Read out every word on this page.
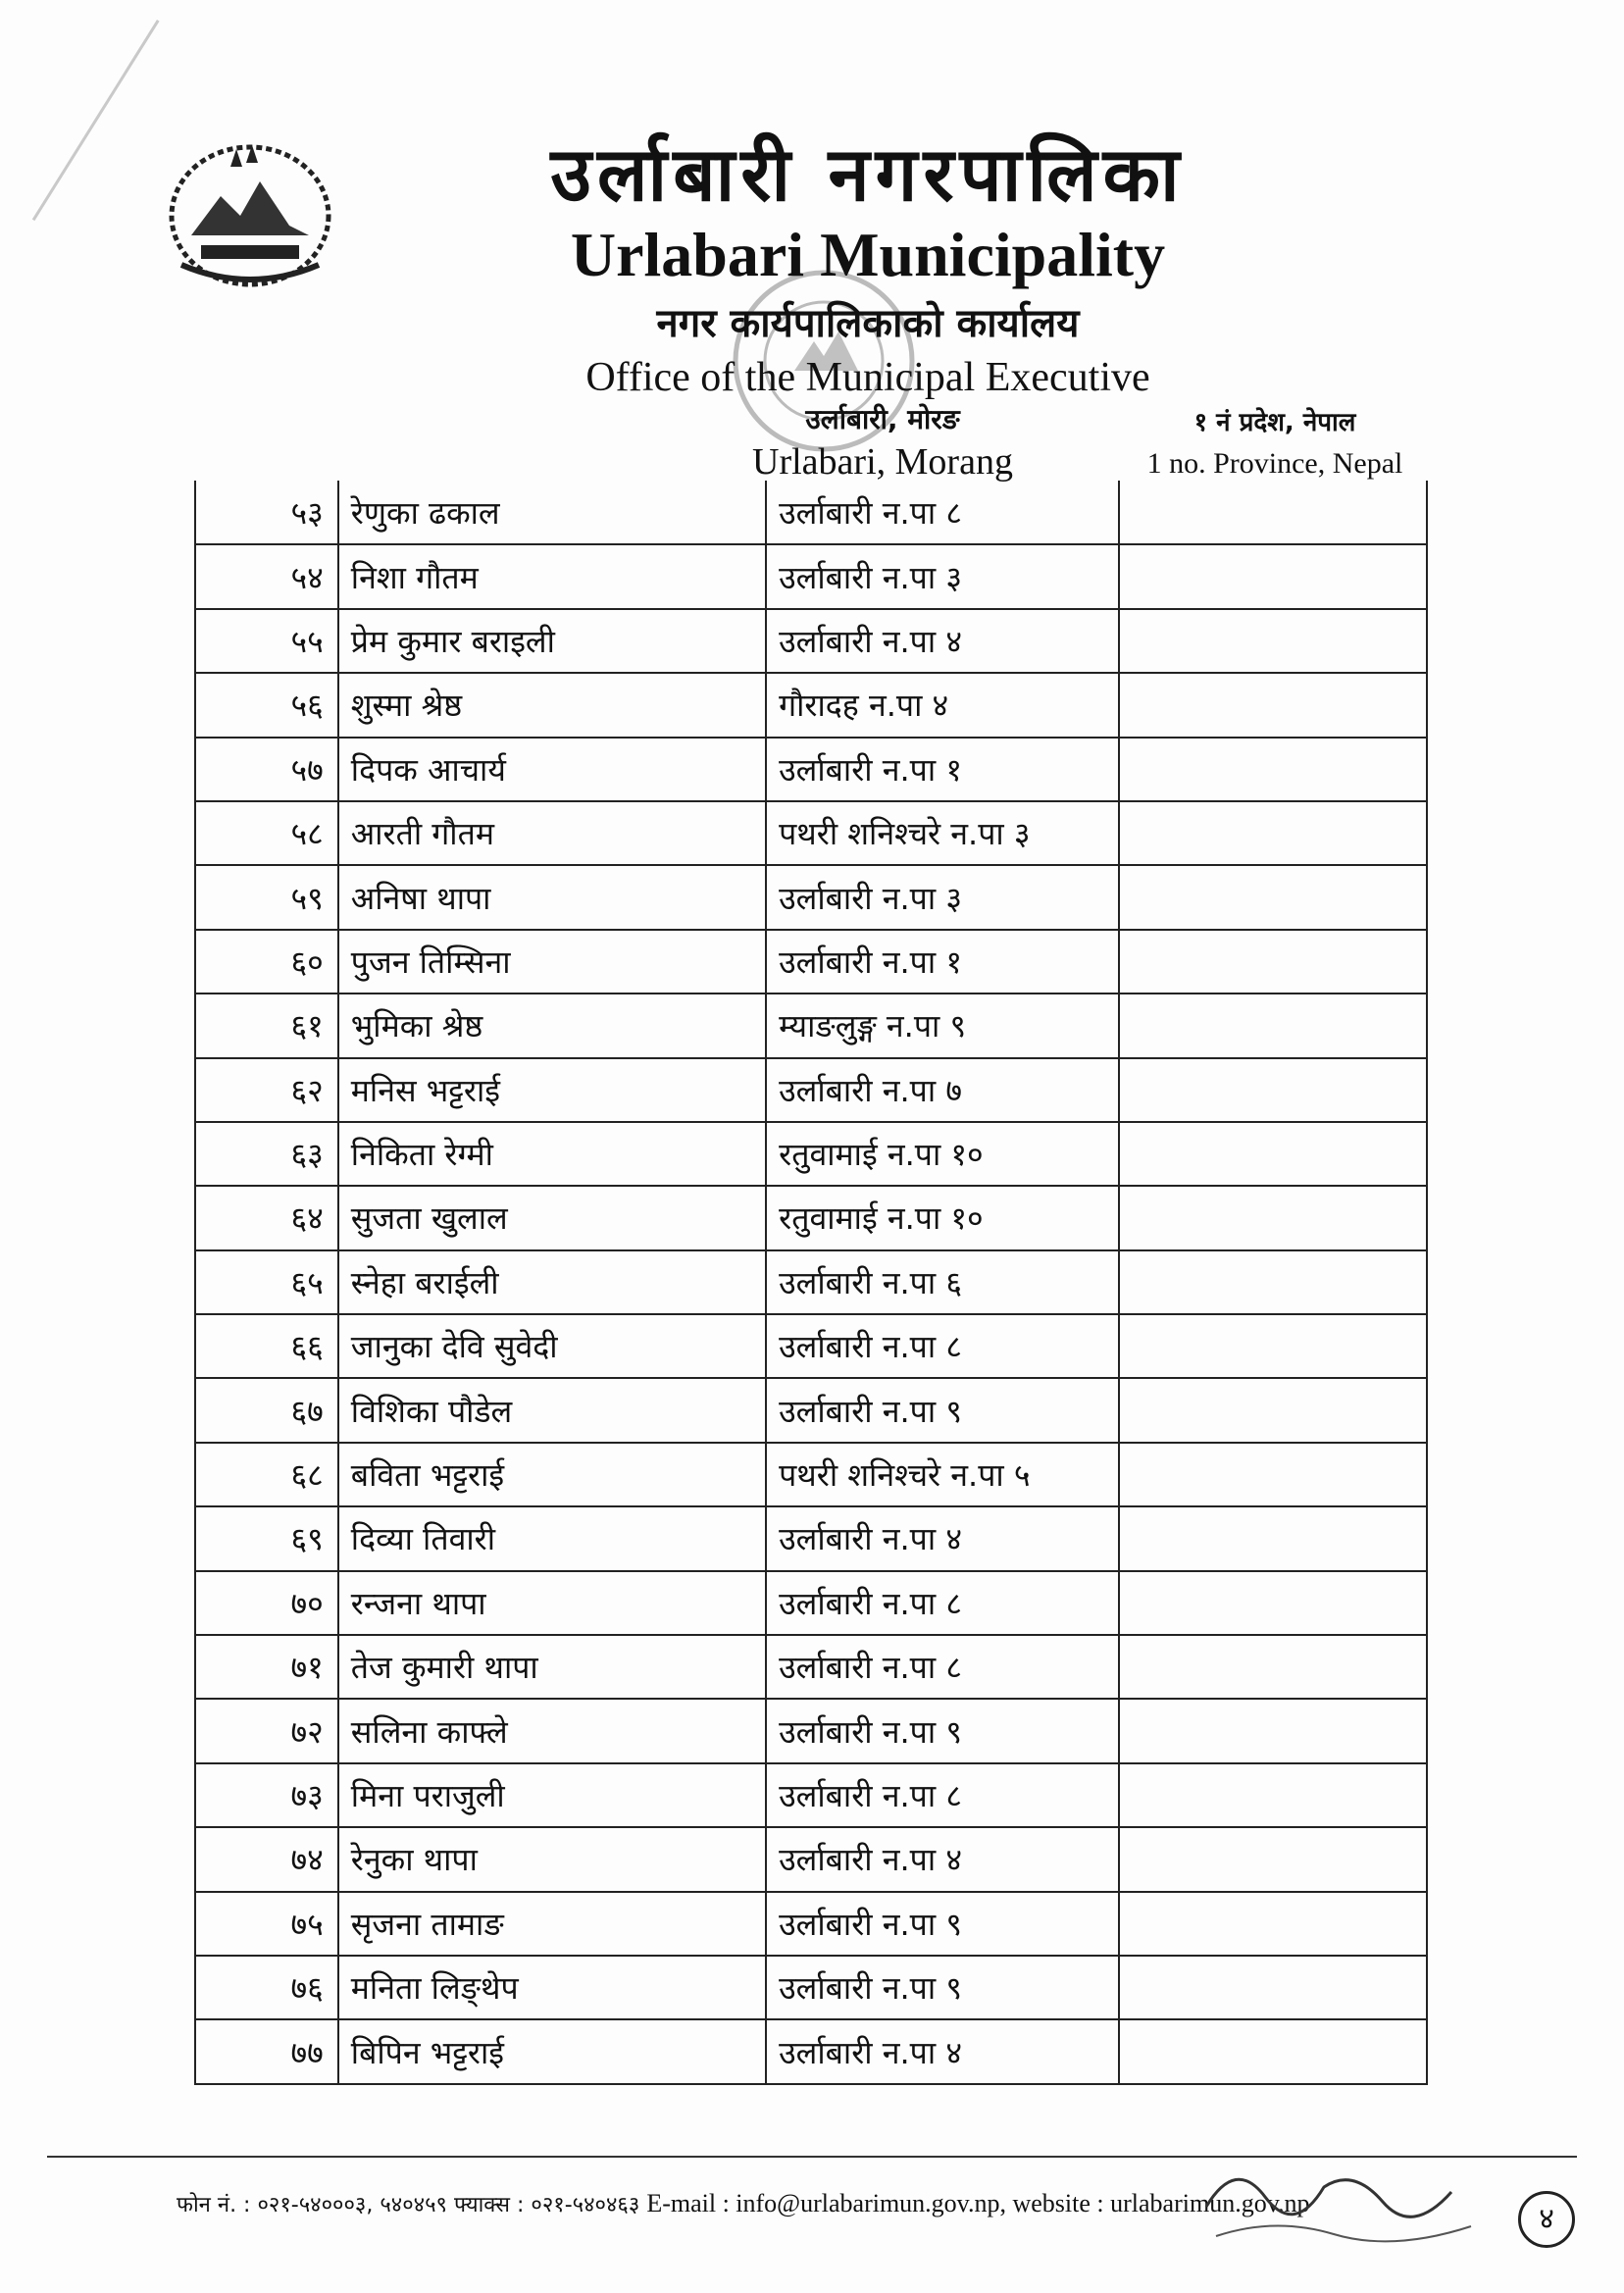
उर्लाबारी नगरपालिका
Urlabari Municipality
नगर कार्यपालिकाको कार्यालय
Office of the Municipal Executive
उर्लाबारी, मोरङ
Urlabari, Morang
१ नं प्रदेश, नेपाल
1 no. Province, Nepal
५३	रेणुका ढकाल	उर्लाबारी न.पा ८	
५४	निशा गौतम	उर्लाबारी न.पा ३	
५५	प्रेम कुमार बराइली	उर्लाबारी न.पा ४	
५६	शुस्मा श्रेष्ठ	गौरादह न.पा ४	
५७	दिपक आचार्य	उर्लाबारी न.पा १	
५८	आरती गौतम	पथरी शनिश्चरे न.पा ३	
५९	अनिषा थापा	उर्लाबारी न.पा ३	
६०	पुजन तिम्सिना	उर्लाबारी न.पा १	
६१	भुमिका श्रेष्ठ	म्याङलुङ्ग न.पा ९	
६२	मनिस भट्टराई	उर्लाबारी न.पा ७	
६३	निकिता रेग्मी	रतुवामाई न.पा १०	
६४	सुजता खुलाल	रतुवामाई न.पा १०	
६५	स्नेहा बराईली	उर्लाबारी न.पा ६	
६६	जानुका देवि सुवेदी	उर्लाबारी न.पा ८	
६७	विशिका पौडेल	उर्लाबारी न.पा ९	
६८	बविता भट्टराई	पथरी शनिश्चरे न.पा ५	
६९	दिव्या तिवारी	उर्लाबारी न.पा ४	
७०	रन्जना थापा	उर्लाबारी न.पा ८	
७१	तेज कुमारी थापा	उर्लाबारी न.पा ८	
७२	सलिना काफ्ले	उर्लाबारी न.पा ९	
७३	मिना पराजुली	उर्लाबारी न.पा ८	
७४	रेनुका थापा	उर्लाबारी न.पा ४	
७५	सृजना तामाङ	उर्लाबारी न.पा ९	
७६	मनिता लिङ्थेप	उर्लाबारी न.पा ९	
७७	बिपिन भट्टराई	उर्लाबारी न.पा ४	
फोन नं. : ०२१-५४०००३, ५४०४५९ फ्याक्स : ०२१-५४०४६३ E-mail : info@urlabarimun.gov.np, website : urlabarimun.gov.np	४
